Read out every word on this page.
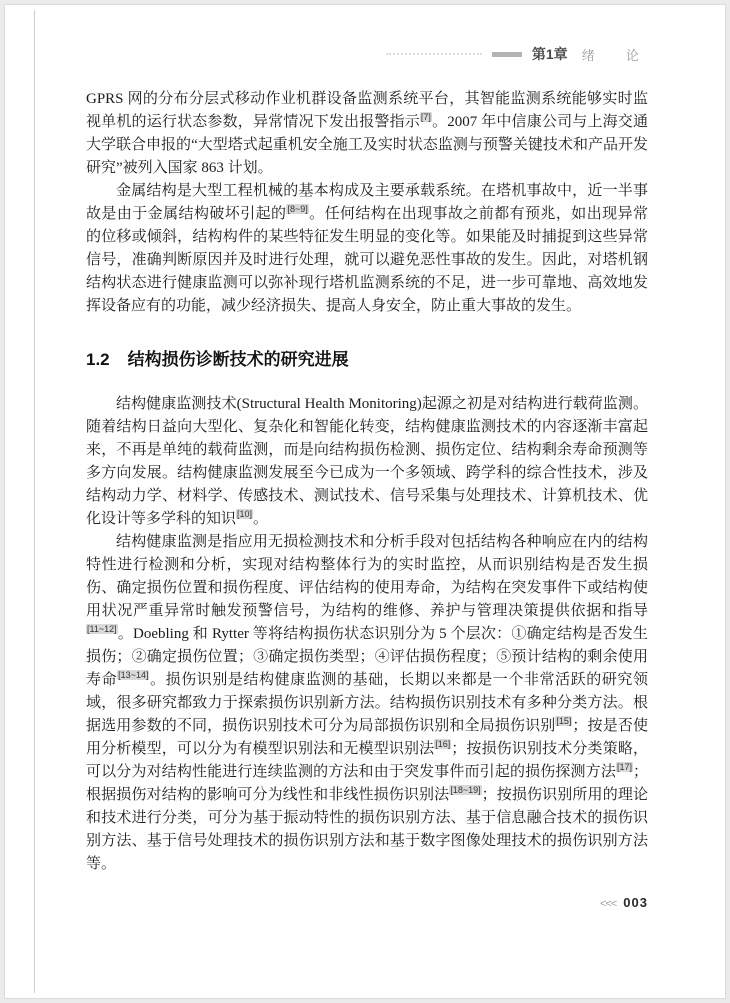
第1章 绪　论

GPRS 网的分布分层式移动作业机群设备监测系统平台，其智能监测系统能够实时监视单机的运行状态参数，异常情况下发出报警指示[7]。2007 年中信康公司与上海交通大学联合申报的“大型塔式起重机安全施工及实时状态监测与预警关键技术和产品开发研究”被列入国家 863 计划。

金属结构是大型工程机械的基本构成及主要承载系统。在塔机事故中，近一半事故是由于金属结构破坏引起的[8~9]。任何结构在出现事故之前都有预兆，如出现异常的位移或倾斜，结构构件的某些特征发生明显的变化等。如果能及时捕捉到这些异常信号，准确判断原因并及时进行处理，就可以避免恶性事故的发生。因此，对塔机钢结构状态进行健康监测可以弥补现行塔机监测系统的不足，进一步可靠地、高效地发挥设备应有的功能，减少经济损失、提高人身安全，防止重大事故的发生。

1.2 结构损伤诊断技术的研究进展

结构健康监测技术(Structural Health Monitoring)起源之初是对结构进行载荷监测。随着结构日益向大型化、复杂化和智能化转变，结构健康监测技术的内容逐渐丰富起来，不再是单纯的载荷监测，而是向结构损伤检测、损伤定位、结构剩余寿命预测等多方向发展。结构健康监测发展至今已成为一个多领域、跨学科的综合性技术，涉及结构动力学、材料学、传感技术、测试技术、信号采集与处理技术、计算机技术、优化设计等多学科的知识[10]。

结构健康监测是指应用无损检测技术和分析手段对包括结构各种响应在内的结构特性进行检测和分析，实现对结构整体行为的实时监控，从而识别结构是否发生损伤、确定损伤位置和损伤程度、评估结构的使用寿命，为结构在突发事件下或结构使用状况严重异常时触发预警信号，为结构的维修、养护与管理决策提供依据和指导[11~12]。Doebling 和 Rytter 等将结构损伤状态识别分为 5 个层次：①确定结构是否发生损伤；②确定损伤位置；③确定损伤类型；④评估损伤程度；⑤预计结构的剩余使用寿命[13~14]。损伤识别是结构健康监测的基础，长期以来都是一个非常活跃的研究领域，很多研究都致力于探索损伤识别新方法。结构损伤识别技术有多种分类方法。根据选用参数的不同，损伤识别技术可分为局部损伤识别和全局损伤识别[15]；按是否使用分析模型，可以分为有模型识别法和无模型识别法[16]；按损伤识别技术分类策略，可以分为对结构性能进行连续监测的方法和由于突发事件而引起的损伤探测方法[17]；根据损伤对结构的影响可分为线性和非线性损伤识别法[18~19]；按损伤识别所用的理论和技术进行分类，可分为基于振动特性的损伤识别方法、基于信息融合技术的损伤识别方法、基于信号处理技术的损伤识别方法和基于数字图像处理技术的损伤识别方法等。

<<< 003
